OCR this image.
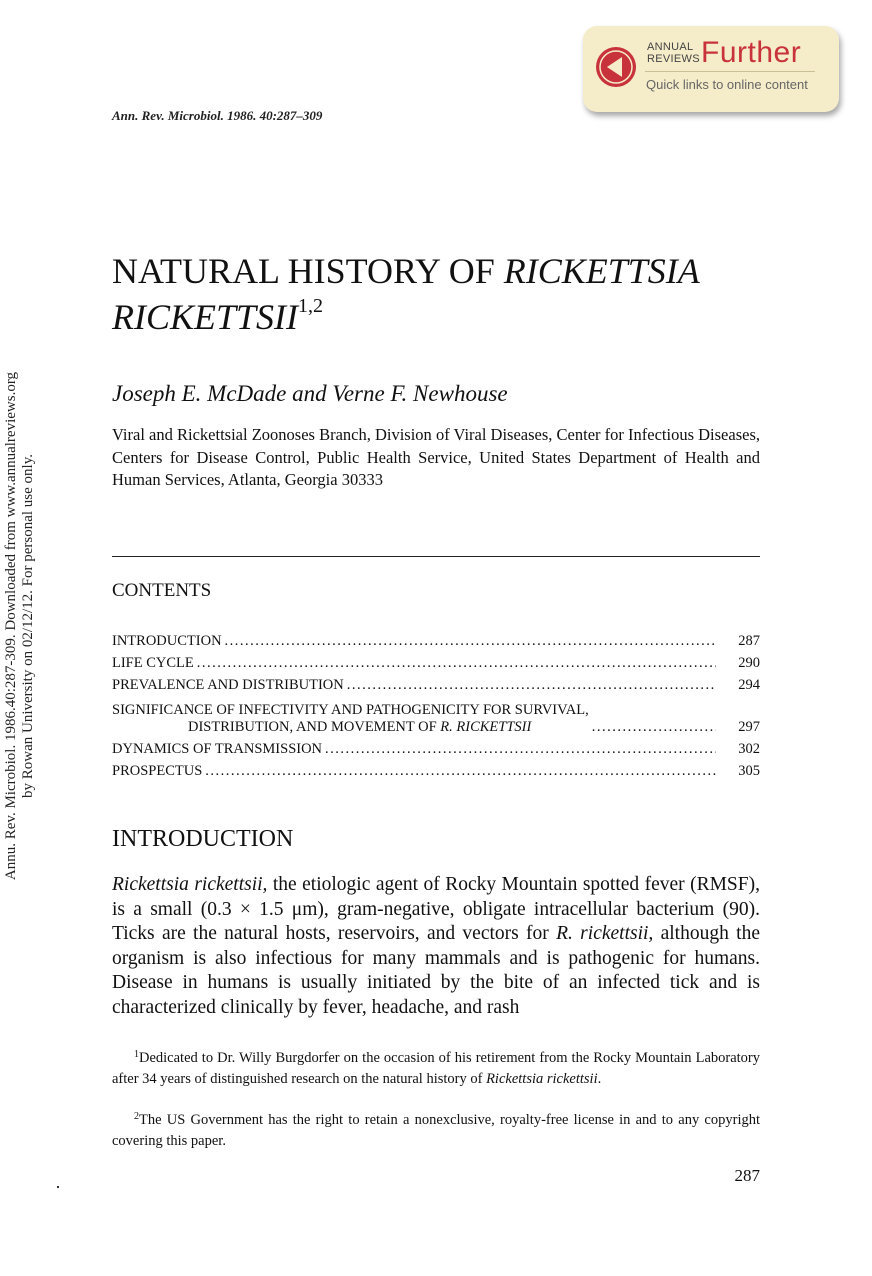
ANNUAL
REVIEWS Further
Quick links to online content
Ann. Rev. Microbiol. 1986. 40:287–309
NATURAL HISTORY OF RICKETTSIA
RICKETTSII$^{1,2}$
Joseph E. McDade and Verne F. Newhouse
Viral and Rickettsial Zoonoses Branch, Division of Viral Diseases, Center for Infectious Diseases, Centers for Disease Control, Public Health Service, United States Department of Health and Human Services, Atlanta, Georgia 30333
CONTENTS
INTRODUCTION .....	287
LIFE CYCLE .....	290
PREVALENCE AND DISTRIBUTION .....	294
SIGNIFICANCE OF INFECTIVITY AND PATHOGENICITY FOR SURVIVAL,
DISTRIBUTION, AND MOVEMENT OF R. RICKETTSII .....	297
DYNAMICS OF TRANSMISSION .....	302
PROSPECTUS .....	305
INTRODUCTION
Rickettsia rickettsii, the etiologic agent of Rocky Mountain spotted fever (RMSF), is a small (0.3 × 1.5 μm), gram-negative, obligate intracellular bacterium (90). Ticks are the natural hosts, reservoirs, and vectors for R. rickettsii, although the organism is also infectious for many mammals and is pathogenic for humans. Disease in humans is usually initiated by the bite of an infected tick and is characterized clinically by fever, headache, and rash
$^1$Dedicated to Dr. Willy Burgdorfer on the occasion of his retirement from the Rocky Mountain Laboratory after 34 years of distinguished research on the natural history of Rickettsia rickettsii.
$^2$The US Government has the right to retain a nonexclusive, royalty-free license in and to any copyright covering this paper.
287
Annu. Rev. Microbiol. 1986.40:287-309. Downloaded from www.annualreviews.org by Rowan University on 02/12/12. For personal use only.
